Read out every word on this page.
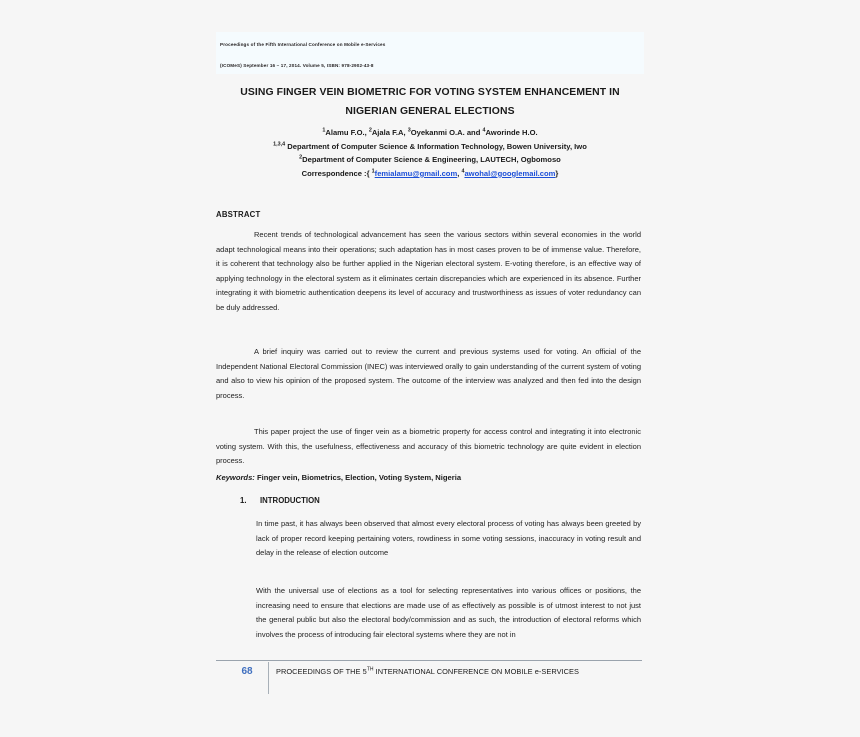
Proceedings of the Fifth International Conference on Mobile e-Services
(ICOMeS) September 16 – 17, 2014. Volume 5, ISBN: 978-2902-43-8
USING FINGER VEIN BIOMETRIC FOR VOTING SYSTEM ENHANCEMENT IN NIGERIAN GENERAL ELECTIONS
$^1$Alamu F.O., $^2$Ajala F.A, $^3$Oyekanmi O.A. and $^4$Aworinde H.O.
$^{1,3,4}$ Department of Computer Science & Information Technology, Bowen University, Iwo
$^2$Department of Computer Science & Engineering, LAUTECH, Ogbomoso
Correspondence :{ $^1$femialamu@gmail.com, $^4$awohal@googlemail.com}
ABSTRACT
Recent trends of technological advancement has seen the various sectors within several economies in the world adapt technological means into their operations; such adaptation has in most cases proven to be of immense value. Therefore, it is coherent that technology also be further applied in the Nigerian electoral system. E-voting therefore, is an effective way of applying technology in the electoral system as it eliminates certain discrepancies which are experienced in its absence. Further integrating it with biometric authentication deepens its level of accuracy and trustworthiness as issues of voter redundancy can be duly addressed.
A brief inquiry was carried out to review the current and previous systems used for voting. An official of the Independent National Electoral Commission (INEC) was interviewed orally to gain understanding of the current system of voting and also to view his opinion of the proposed system. The outcome of the interview was analyzed and then fed into the design process.
This paper project the use of finger vein as a biometric property for access control and integrating it into electronic voting system. With this, the usefulness, effectiveness and accuracy of this biometric technology are quite evident in election process.
Keywords: Finger vein, Biometrics, Election, Voting System, Nigeria
1. INTRODUCTION
In time past, it has always been observed that almost every electoral process of voting has always been greeted by lack of proper record keeping pertaining voters, rowdiness in some voting sessions, inaccuracy in voting result and delay in the release of election outcome
With the universal use of elections as a tool for selecting representatives into various offices or positions, the increasing need to ensure that elections are made use of as effectively as possible is of utmost interest to not just the general public but also the electoral body/commission and as such, the introduction of electoral reforms which involves the process of introducing fair electoral systems where they are not in
68	PROCEEDINGS OF THE 5TH INTERNATIONAL CONFERENCE ON MOBILE e-SERVICES
